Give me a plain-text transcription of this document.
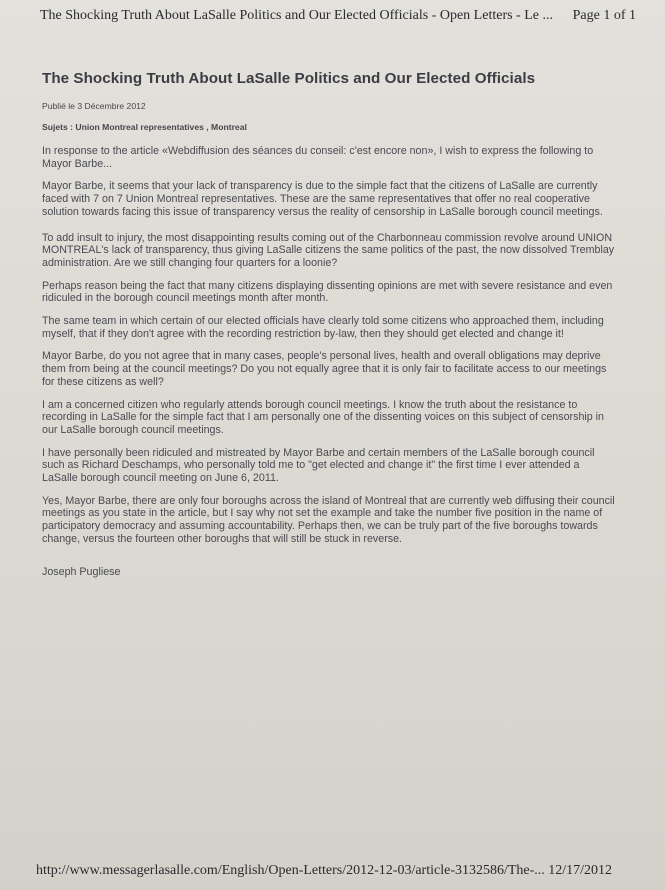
The Shocking Truth About LaSalle Politics and Our Elected Officials - Open Letters - Le ... Page 1 of 1
The Shocking Truth About LaSalle Politics and Our Elected Officials
Publié le 3 Décembre 2012
Sujets : Union Montreal representatives , Montreal

In response to the article «Webdiffusion des séances du conseil: c'est encore non», I wish to express the following to Mayor Barbe...

Mayor Barbe, it seems that your lack of transparency is due to the simple fact that the citizens of LaSalle are currently faced with 7 on 7 Union Montreal representatives. These are the same representatives that offer no real cooperative solution towards facing this issue of transparency versus the reality of censorship in LaSalle borough council meetings.

To add insult to injury, the most disappointing results coming out of the Charbonneau commission revolve around UNION MONTREAL's lack of transparency, thus giving LaSalle citizens the same politics of the past, the now dissolved Tremblay administration. Are we still changing four quarters for a loonie?

Perhaps reason being the fact that many citizens displaying dissenting opinions are met with severe resistance and even ridiculed in the borough council meetings month after month.

The same team in which certain of our elected officials have clearly told some citizens who approached them, including myself, that if they don't agree with the recording restriction by-law, then they should get elected and change it!

Mayor Barbe, do you not agree that in many cases, people's personal lives, health and overall obligations may deprive them from being at the council meetings? Do you not equally agree that it is only fair to facilitate access to our meetings for these citizens as well?

I am a concerned citizen who regularly attends borough council meetings. I know the truth about the resistance to recording in LaSalle for the simple fact that I am personally one of the dissenting voices on this subject of censorship in our LaSalle borough council meetings.

I have personally been ridiculed and mistreated by Mayor Barbe and certain members of the LaSalle borough council such as Richard Deschamps, who personally told me to "get elected and change it" the first time I ever attended a LaSalle borough council meeting on June 6, 2011.

Yes, Mayor Barbe, there are only four boroughs across the island of Montreal that are currently web diffusing their council meetings as you state in the article, but I say why not set the example and take the number five position in the name of participatory democracy and assuming accountability. Perhaps then, we can be truly part of the five boroughs towards change, versus the fourteen other boroughs that will still be stuck in reverse.

Joseph Pugliese
http://www.messagerlasalle.com/English/Open-Letters/2012-12-03/article-3132586/The-... 12/17/2012
